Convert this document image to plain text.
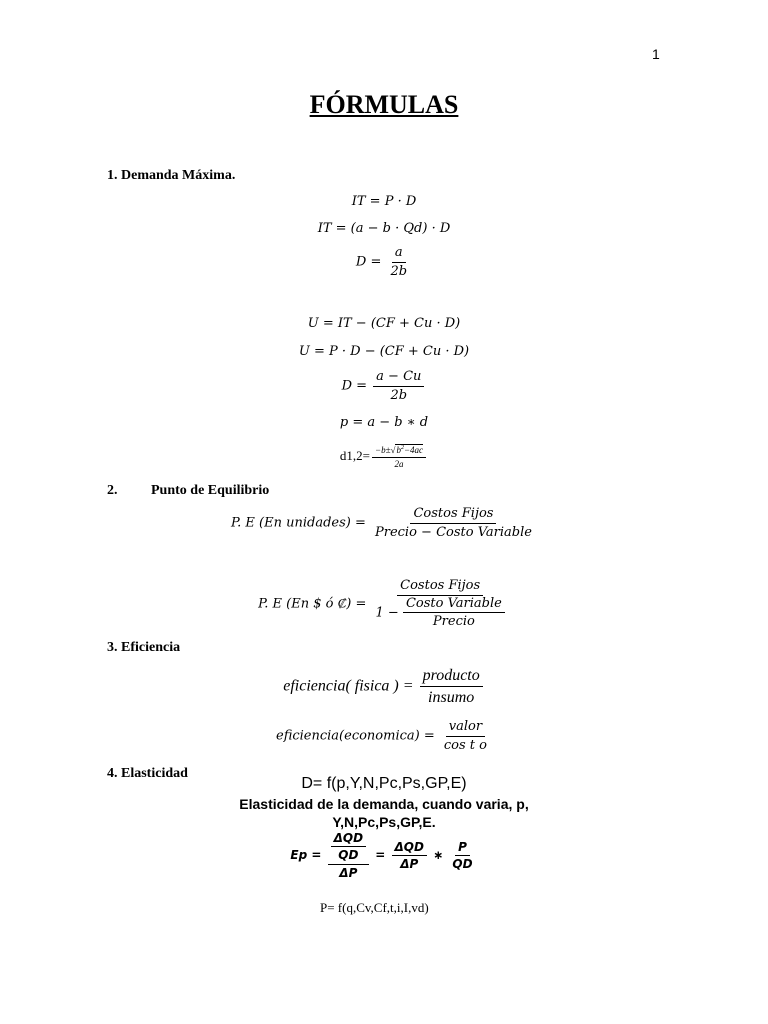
1
FÓRMULAS
1. Demanda Máxima.
IT = P · D
IT = (a − b · Qd) · D
$D = \frac{a}{2b}$
U = IT − (CF + Cu · D)
U = P · D − (CF + Cu · D)
$D = \frac{a - Cu}{2b}$
p = a − b ∗ d
$d1,2= \frac{-b\pm√b^2-4ac}{2a}$
2. Punto de Equilibrio
P. E (En unidades) = $\frac{\text{Costos Fijos}}{\text{Precio − Costo Variable}}$
P. E (En $ ó ₡) = $\frac{\text{Costos Fijos}}{1 - \frac{\text{Costo Variable}}{\text{Precio}}}$
3. Eficiencia
eficiencia( fisica ) = $\frac{\text{producto}}{\text{insumo}}$
eficiencia(economica) = $\frac{\text{valor}}{\text{cos t o}}$
4. Elasticidad
D= f(p,Y,N,Pc,Ps,GP,E)
Elasticidad de la demanda, cuando varia, p,
Y,N,Pc,Ps,GP,E.
$Ep = \frac{\frac{\text{ΔQD}}{QD}}{\Delta P} = \frac{\text{ΔQD}}{\Delta P}$ ∗ $\frac{P}{QD}$
P= f(q,Cv,Cf,t,i,I,vd)
